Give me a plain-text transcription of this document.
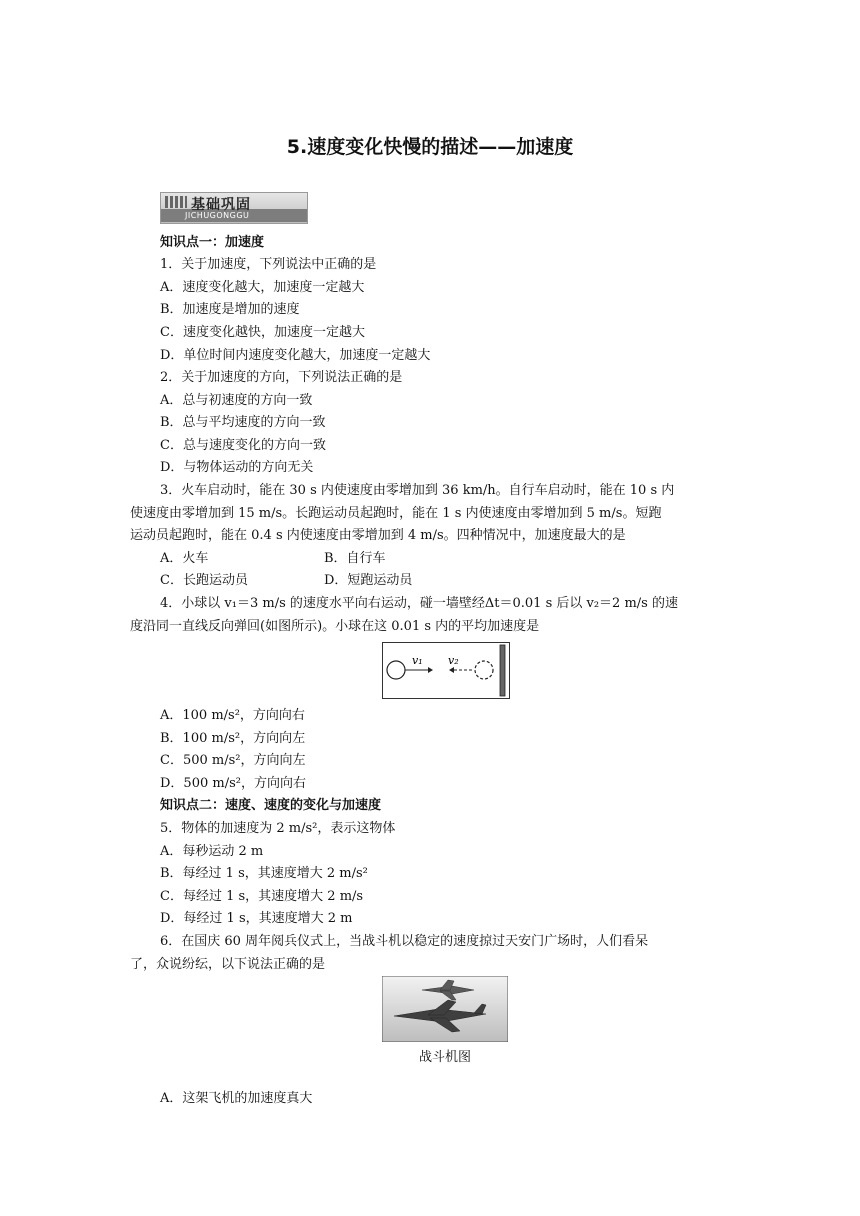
5.速度变化快慢的描述——加速度
基础巩固
JICHUGONGGU
知识点一：加速度
1．关于加速度，下列说法中正确的是
A．速度变化越大，加速度一定越大
B．加速度是增加的速度
C．速度变化越快，加速度一定越大
D．单位时间内速度变化越大，加速度一定越大
2．关于加速度的方向，下列说法正确的是
A．总与初速度的方向一致
B．总与平均速度的方向一致
C．总与速度变化的方向一致
D．与物体运动的方向无关
3．火车启动时，能在 30 s 内使速度由零增加到 36 km/h。自行车启动时，能在 10 s 内
使速度由零增加到 15 m/s。长跑运动员起跑时，能在 1 s 内使速度由零增加到 5 m/s。短跑
运动员起跑时，能在 0.4 s 内使速度由零增加到 4 m/s。四种情况中，加速度最大的是
A．火车	B．自行车
C．长跑运动员	D．短跑运动员
4．小球以 v₁＝3 m/s 的速度水平向右运动，碰一墙壁经Δt＝0.01 s 后以 v₂＝2 m/s 的速
度沿同一直线反向弹回(如图所示)。小球在这 0.01 s 内的平均加速度是
v₁ v₂
A．100 m/s²，方向向右
B．100 m/s²，方向向左
C．500 m/s²，方向向左
D．500 m/s²，方向向右
知识点二：速度、速度的变化与加速度
5．物体的加速度为 2 m/s²，表示这物体
A．每秒运动 2 m
B．每经过 1 s，其速度增大 2 m/s²
C．每经过 1 s，其速度增大 2 m/s
D．每经过 1 s，其速度增大 2 m
6．在国庆 60 周年阅兵仪式上，当战斗机以稳定的速度掠过天安门广场时，人们看呆
了，众说纷纭，以下说法正确的是
战斗机图
A．这架飞机的加速度真大
